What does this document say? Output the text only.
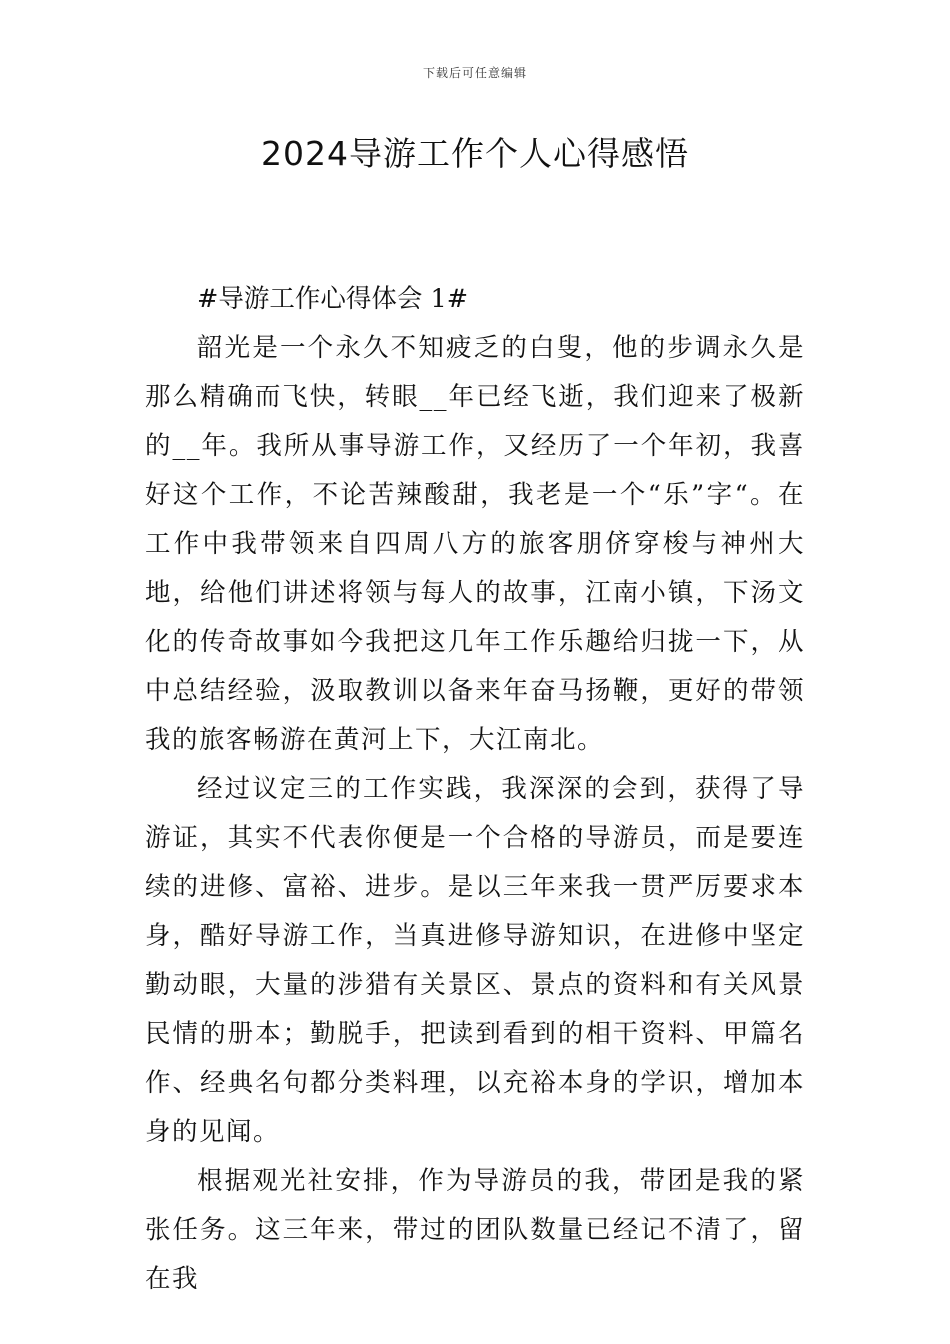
下载后可任意编辑
2024导游工作个人心得感悟

#导游工作心得体会 1#

韶光是一个永久不知疲乏的白叟，他的步调永久是那么精确而飞快，转眼__年已经飞逝，我们迎来了极新的__年。我所从事导游工作，又经历了一个年初，我喜好这个工作，不论苦辣酸甜，我老是一个“乐”字“。在工作中我带领来自四周八方的旅客朋侪穿梭与神州大地，给他们讲述将领与每人的故事，江南小镇，下汤文化的传奇故事如今我把这几年工作乐趣给归拢一下，从中总结经验，汲取教训以备来年奋马扬鞭，更好的带领我的旅客畅游在黄河上下，大江南北。

经过议定三的工作实践，我深深的会到，获得了导游证，其实不代表你便是一个合格的导游员，而是要连续的进修、富裕、进步。是以三年来我一贯严厉要求本身，酷好导游工作，当真进修导游知识，在进修中坚定勤动眼，大量的涉猎有关景区、景点的资料和有关风景民情的册本；勤脱手，把读到看到的相干资料、甲篇名作、经典名句都分类料理，以充裕本身的学识，增加本身的见闻。

根据观光社安排，作为导游员的我，带团是我的紧张任务。这三年来，带过的团队数量已经记不清了，留在我
